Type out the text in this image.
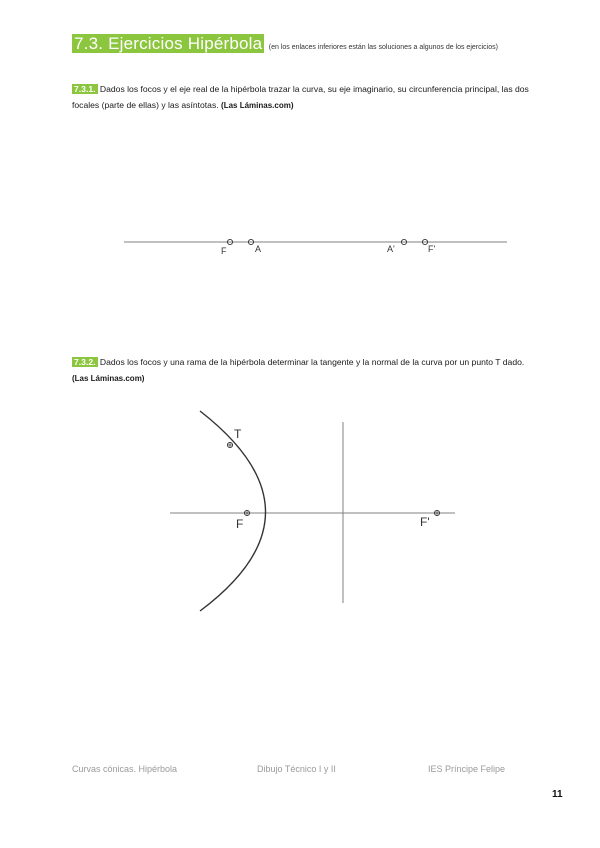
7.3. Ejercicios Hipérbola (en los enlaces inferiores están las soluciones a algunos de los ejercicios)
7.3.1. Dados los focos y el eje real de la hipérbola trazar la curva, su eje imaginario, su circunferencia principal, las dos focales (parte de ellas) y las asíntotas. (Las Láminas.com)
F	A	A'	F'
7.3.2. Dados los focos y una rama de la hipérbola determinar la tangente y la normal de la curva por un punto T dado. (Las Láminas.com)
T
F	F'
Curvas cónicas. Hipérbola	Dibujo Técnico I y II	IES Príncipe Felipe
11
